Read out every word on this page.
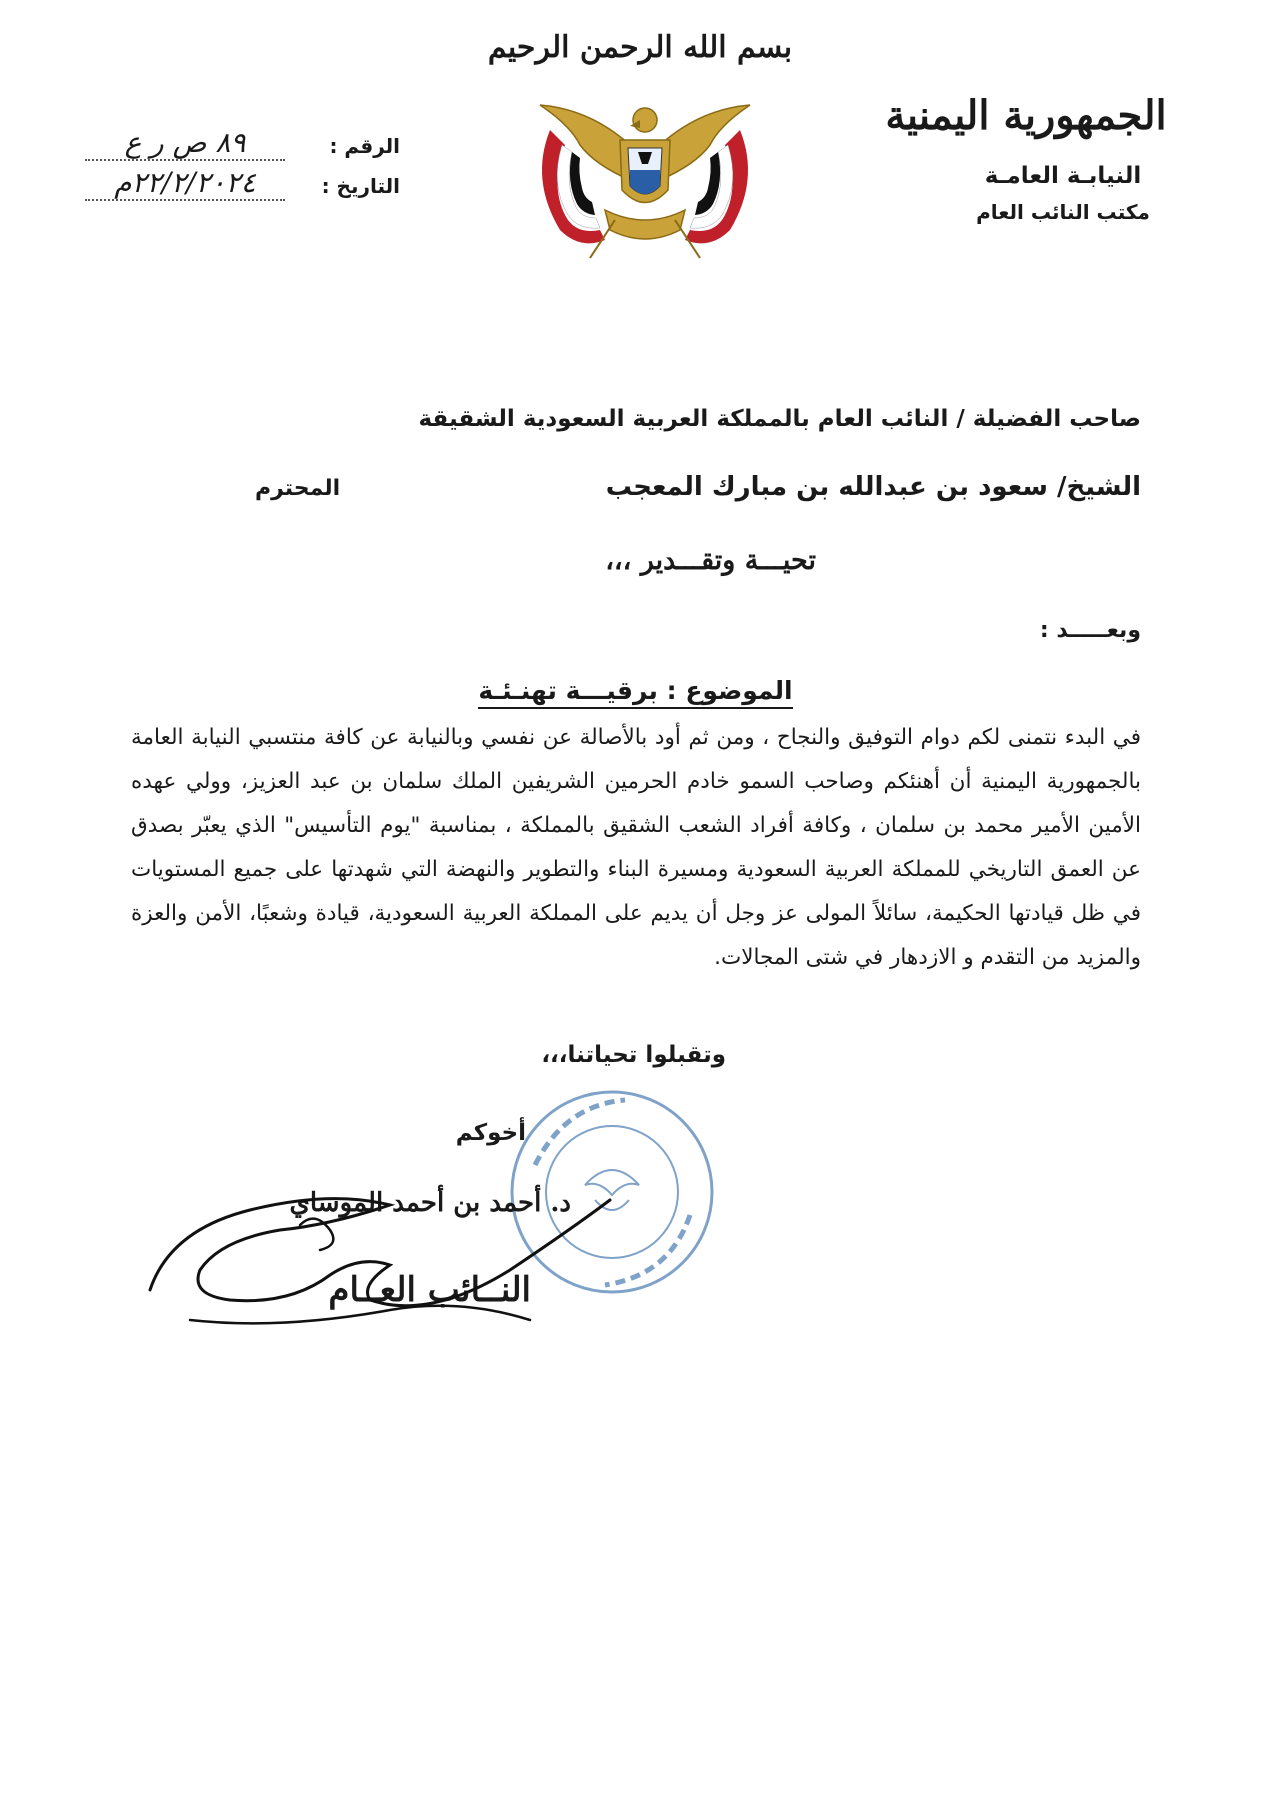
بسم الله الرحمن الرحيم
الجمهورية اليمنية
النيابـة العامـة
مكتب النائب العام
الرقم :
٨٩ ص ر ع
التاريخ :
٢٢/٢/٢٠٢٤م
صاحب الفضيلة / النائب العام بالمملكة العربية السعودية الشقيقة
الشيخ/ سعود بن عبدالله بن مبارك المعجب
المحترم
تحيـــة وتقـــدير ،،،
وبعـــــد :
الموضوع : برقيـــة تهنـئـة
في البدء نتمنى لكم دوام التوفيق والنجاح ، ومن ثم أود بالأصالة عن نفسي وبالنيابة عن كافة منتسبي النيابة العامة بالجمهورية اليمنية أن أهنئكم وصاحب السمو خادم الحرمين الشريفين الملك سلمان بن عبد العزيز، وولي عهده الأمين الأمير محمد بن سلمان ، وكافة أفراد الشعب الشقيق بالمملكة ، بمناسبة "يوم التأسيس" الذي يعبّر بصدق عن العمق التاريخي للمملكة العربية السعودية ومسيرة البناء والتطوير والنهضة التي شهدتها على جميع المستويات في ظل قيادتها الحكيمة، سائلاً المولى عز وجل أن يديم على المملكة العربية السعودية، قيادة وشعبًا، الأمن والعزة والمزيد من التقدم و الازدهار في شتى المجالات.
وتقبلوا تحياتنا،،،
أخوكم
د. أحمد بن أحمد الموساي
النــائب العــام
